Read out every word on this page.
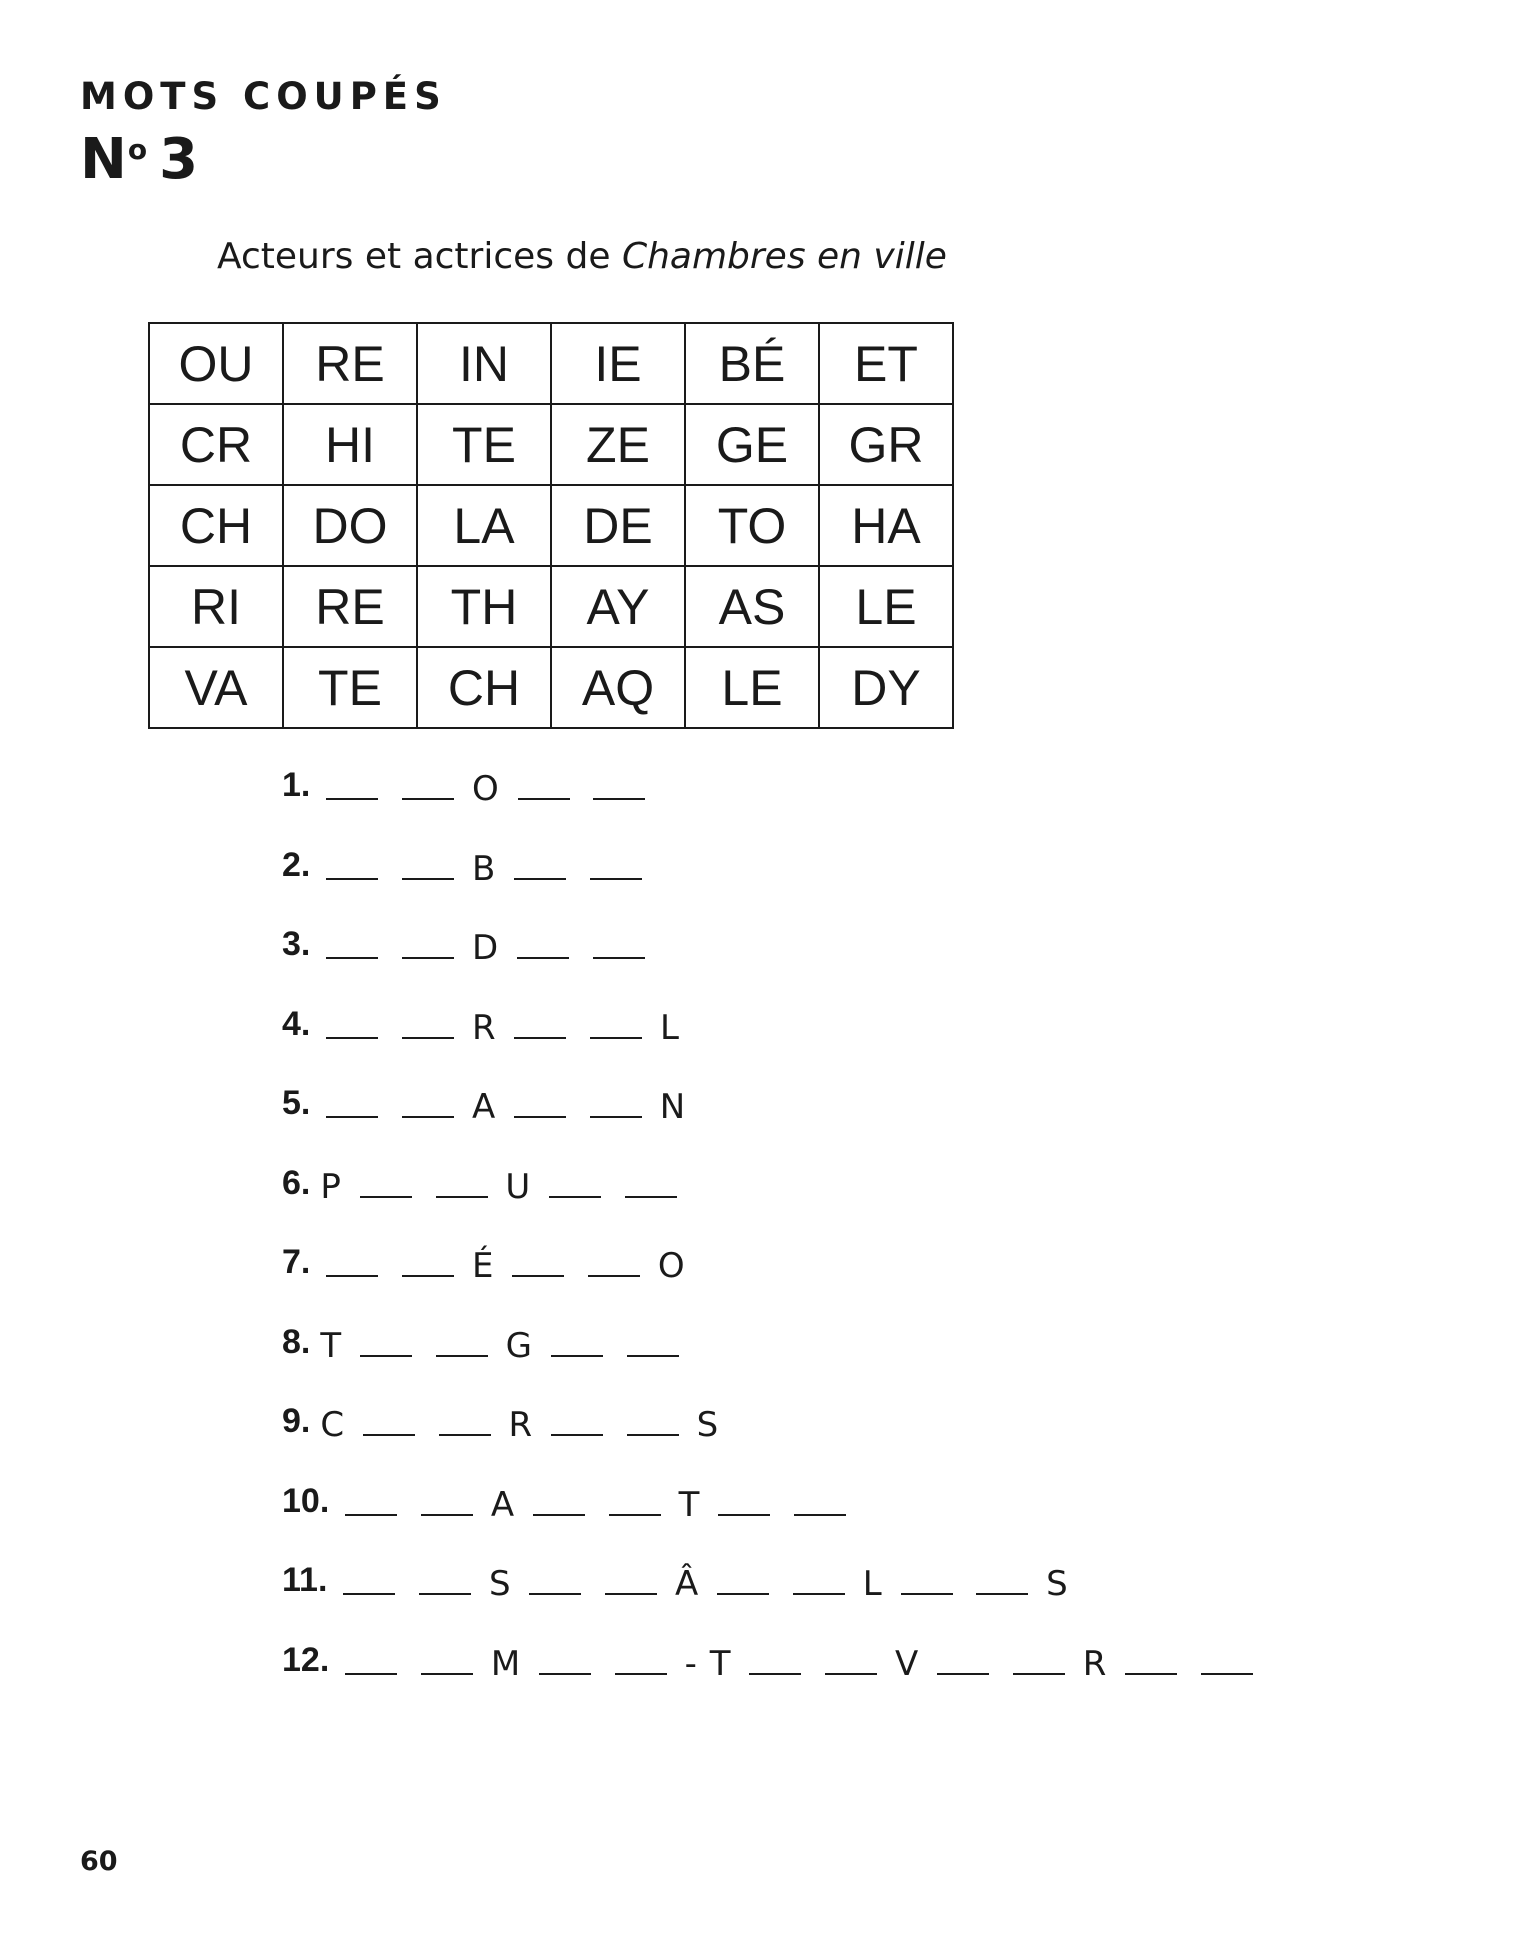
MOTS COUPÉS
$N^o$ 3
Acteurs et actrices de Chambres en ville
OU	RE	IN	IE	BÉ	ET
CR	HI	TE	ZE	GE	GR
CH	DO	LA	DE	TO	HA
RI	RE	TH	AY	AS	LE
VA	TE	CH	AQ	LE	DY
1.	O
2.	B
3.	D
4.	R	L
5.	A	N
6. P	U
7.	É	O
8. T	G
9. C	R	S
10.	A	T
11.	S	Â	L	S
12.	M	- T	V	R
60
